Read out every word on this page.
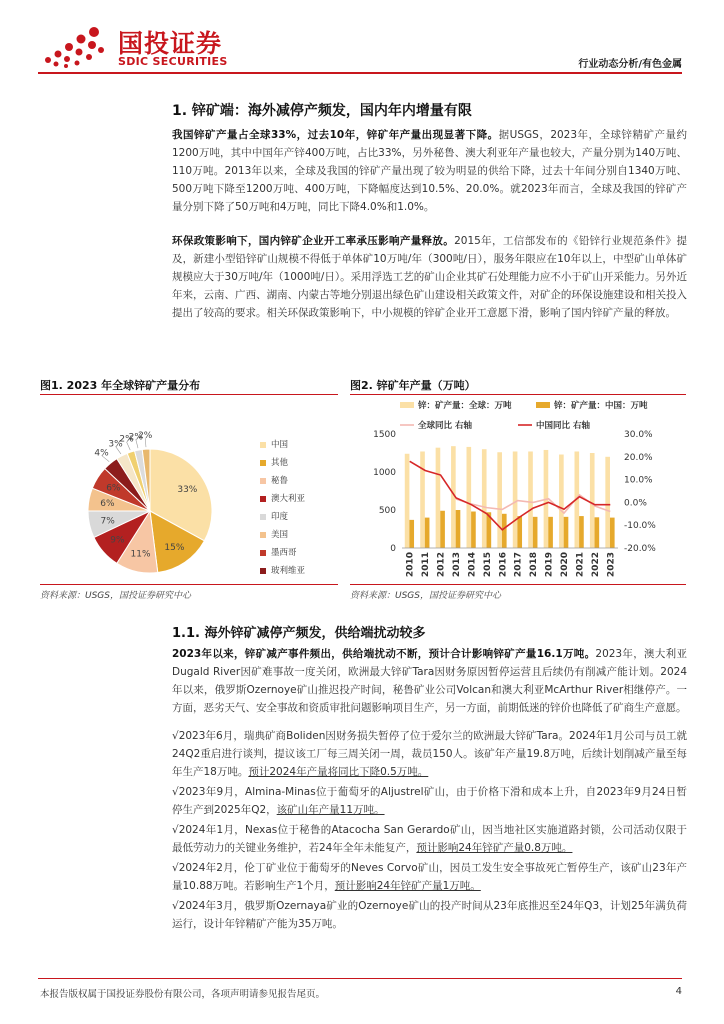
国投证券
SDIC SECURITIES	行业动态分析/有色金属
1. 锌矿端：海外减停产频发，国内年内增量有限
我国锌矿产量占全球33%，过去10年，锌矿年产量出现显著下降。据USGS，2023年，全球锌精矿产量约1200万吨，其中中国年产锌400万吨，占比33%，另外秘鲁、澳大利亚年产量也较大，产量分别为140万吨、110万吨。2013年以来，全球及我国的锌矿产量出现了较为明显的供给下降，过去十年间分别自1340万吨、500万吨下降至1200万吨、400万吨，下降幅度达到10.5%、20.0%。就2023年而言，全球及我国的锌矿产量分别下降了50万吨和4万吨，同比下降4.0%和1.0%。
环保政策影响下，国内锌矿企业开工率承压影响产量释放。2015年，工信部发布的《铅锌行业规范条件》提及，新建小型铅锌矿山规模不得低于单体矿10万吨/年（300吨/日），服务年限应在10年以上，中型矿山单体矿规模应大于30万吨/年（1000吨/日）。采用浮选工艺的矿山企业其矿石处理能力应不小于矿山开采能力。另外近年来，云南、广西、湖南、内蒙古等地分别退出绿色矿山建设相关政策文件，对矿企的环保设施建设和相关投入提出了较高的要求。相关环保政策影响下，中小规模的锌矿企业开工意愿下滑，影响了国内锌矿产量的释放。
图1. 2023 年全球锌矿产量分布
33%
15%
11%
9%
7%
6%
6%
4%
3%
2%
2%
2%
中国
其他
秘鲁
澳大利亚
印度
美国
墨西哥
玻利维亚
资料来源：USGS，国投证券研究中心
图2. 锌矿年产量（万吨）
锌：矿产量：全球：万吨	锌：矿产量：中国：万吨
全球同比 右轴	中国同比 右轴
0
500
1000
1500
-20.0%
-10.0%
0.0%
10.0%
20.0%
30.0%
2010 2011 2012 2013 2014 2015 2016 2017 2018 2019 2020 2021 2022 2023
资料来源：USGS，国投证券研究中心
1.1. 海外锌矿减停产频发，供给端扰动较多
2023年以来，锌矿减产事件频出，供给端扰动不断，预计合计影响锌矿产量16.1万吨。2023年，澳大利亚Dugald River因矿难事故一度关闭，欧洲最大锌矿Tara因财务原因暂停运营且后续仍有削减产能计划。2024年以来，俄罗斯Ozernoye矿山推迟投产时间，秘鲁矿业公司Volcan和澳大利亚McArthur River相继停产。一方面，恶劣天气、安全事故和资质审批问题影响项目生产，另一方面，前期低迷的锌价也降低了矿商生产意愿。
√2023年6月，瑞典矿商Boliden因财务损失暂停了位于爱尔兰的欧洲最大锌矿Tara。2024年1月公司与员工就24Q2重启进行谈判，提议该工厂每三周关闭一周，裁员150人。该矿年产量19.8万吨，后续计划削减产量至每年生产18万吨。预计2024年产量将同比下降0.5万吨。
√2023年9月，Almina-Minas位于葡萄牙的Aljustrel矿山，由于价格下滑和成本上升，自2023年9月24日暂停生产到2025年Q2，该矿山年产量11万吨。
√2024年1月，Nexas位于秘鲁的Atacocha San Gerardo矿山，因当地社区实施道路封锁，公司活动仅限于最低劳动力的关键业务维护，若24年全年未能复产，预计影响24年锌矿产量0.8万吨。
√2024年2月，伦丁矿业位于葡萄牙的Neves Corvo矿山，因员工发生安全事故死亡暂停生产，该矿山23年产量10.88万吨。若影响生产1个月，预计影响24年锌矿产量1万吨。
√2024年3月，俄罗斯Ozernaya矿业的Ozernoye矿山的投产时间从23年底推迟至24年Q3，计划25年满负荷运行，设计年锌精矿产能为35万吨。
本报告版权属于国投证券股份有限公司，各项声明请参见报告尾页。	4
